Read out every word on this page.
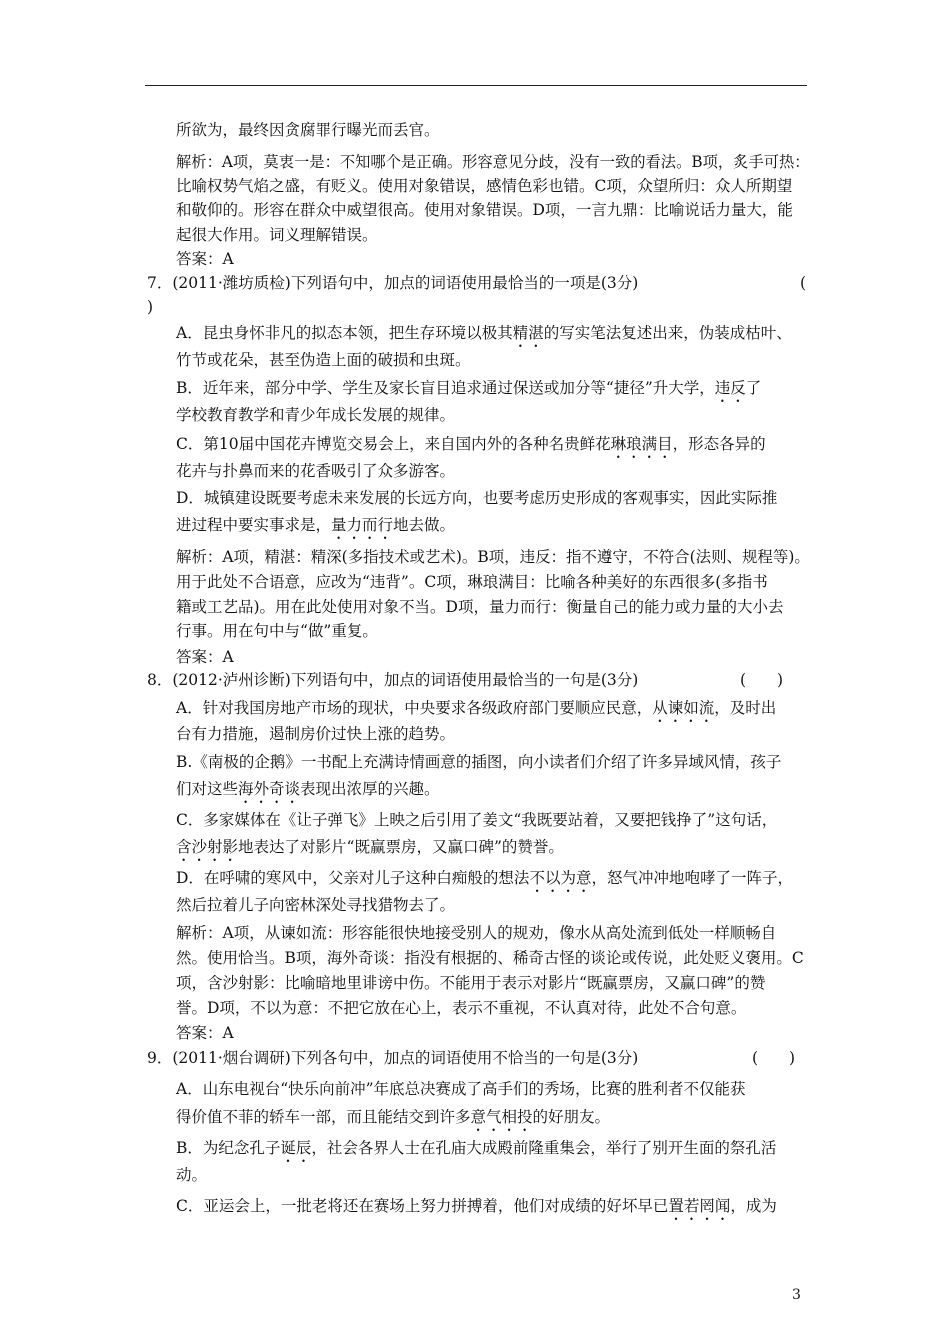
所欲为，最终因贪腐罪行曝光而丢官。
解析：A项，莫衷一是：不知哪个是正确。形容意见分歧，没有一致的看法。B项，炙手可热：
比喻权势气焰之盛，有贬义。使用对象错误，感情色彩也错。C项，众望所归：众人所期望
和敬仰的。形容在群众中威望很高。使用对象错误。D项，一言九鼎：比喻说话力量大，能
起很大作用。词义理解错误。
答案：A
7．(2011·潍坊质检)下列语句中，加点的词语使用最恰当的一项是(3分)	(
)
A．昆虫身怀非凡的拟态本领，把生存环境以极其精湛的写实笔法复述出来，伪装成枯叶、
竹节或花朵，甚至伪造上面的破损和虫斑。
B．近年来，部分中学、学生及家长盲目追求通过保送或加分等“捷径”升大学，违反了
学校教育教学和青少年成长发展的规律。
C．第10届中国花卉博览交易会上，来自国内外的各种名贵鲜花琳琅满目，形态各异的
花卉与扑鼻而来的花香吸引了众多游客。
D．城镇建设既要考虑未来发展的长远方向，也要考虑历史形成的客观事实，因此实际推
进过程中要实事求是，量力而行地去做。
解析：A项，精湛：精深(多指技术或艺术)。B项，违反：指不遵守，不符合(法则、规程等)。
用于此处不合语意，应改为“违背”。C项，琳琅满目：比喻各种美好的东西很多(多指书
籍或工艺品)。用在此处使用对象不当。D项，量力而行：衡量自己的能力或力量的大小去
行事。用在句中与“做”重复。
答案：A
8．(2012·泸州诊断)下列语句中，加点的词语使用最恰当的一句是(3分)	(　　)
A．针对我国房地产市场的现状，中央要求各级政府部门要顺应民意，从谏如流，及时出
台有力措施，遏制房价过快上涨的趋势。
B.《南极的企鹅》一书配上充满诗情画意的插图，向小读者们介绍了许多异域风情，孩子
们对这些海外奇谈表现出浓厚的兴趣。
C．多家媒体在《让子弹飞》上映之后引用了姜文“我既要站着，又要把钱挣了”这句话，
含沙射影地表达了对影片“既赢票房，又赢口碑”的赞誉。
D．在呼啸的寒风中，父亲对儿子这种白痴般的想法不以为意，怒气冲冲地咆哮了一阵子，
然后拉着儿子向密林深处寻找猎物去了。
解析：A项，从谏如流：形容能很快地接受别人的规劝，像水从高处流到低处一样顺畅自
然。使用恰当。B项，海外奇谈：指没有根据的、稀奇古怪的谈论或传说，此处贬义褒用。C
项，含沙射影：比喻暗地里诽谤中伤。不能用于表示对影片“既赢票房，又赢口碑”的赞
誉。D项，不以为意：不把它放在心上，表示不重视，不认真对待，此处不合句意。
答案：A
9．(2011·烟台调研)下列各句中，加点的词语使用不恰当的一句是(3分)	(　　)
A．山东电视台“快乐向前冲”年底总决赛成了高手们的秀场，比赛的胜利者不仅能获
得价值不菲的轿车一部，而且能结交到许多意气相投的好朋友。
B．为纪念孔子诞辰，社会各界人士在孔庙大成殿前隆重集会，举行了别开生面的祭孔活
动。
C．亚运会上，一批老将还在赛场上努力拼搏着，他们对成绩的好坏早已置若罔闻，成为
3
